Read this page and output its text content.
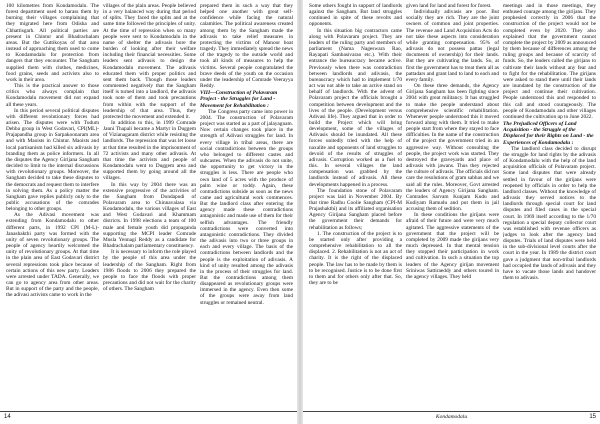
100 kilometres from Kondamodalu. The forest department used to harass them by burning their villages complaining that they migrated here from Odisha and Chhattisgarh. All political parties are present in Chintur and Bhadrachalam areas. But the Guttikoyas of that area instead of approaching them used to come to Kondamodalu for protection from dangers that they encounter. The Sangham supplied them with clothes, medicines, food grains, seeds and activists also to work in their area.

This is the practical answer to those critics who always complain that Kondamodalu movement did not expand all these years.

In this period several political disputes with different revolutionary forces had arisen. The disputes were with Tudum Debba group in West Godavari, CPI(ML)-Prajapandha group in Sarpakoonaram area and with Maoists in Chintur. Maoists and local partisanism had killed six adivasis by branding them as police informers. In all the disputes the Agency Girijana Sangham decided to limit to the internal discussions with revolutionary groups. Moreover, the Sangham decided to take these disputes to the democrats and request them to interfere in solving them. As a policy matter the Sangham gave replies publicly only to the public accusations of the comrades belonging to other groups.

As the Adivasi movement was extending from Kondamodalu to other different parts, in 1992 CPI (M-L)-Janashakthi party was formed with the unity of seven revolutionary groups. The people of agency heartily welcomed the unity of revolutionary groups. At that time in the plain area of East Godavari district several repressions took place because of certain actions of this new party. Leaders were arrested under TADA. Generally, we can go to agency area from other areas. But in support of the party and the people, the adivasi activists came to work in the

villages of the plain areas. People believed in a very balanced way during that period of splits. They faced the splits and at the same time followed the principles of unity. At the time of repression when so many people were sent to Kondamodalu in the name of shelter the adivasis bore the burden of looking after their welfare including their financial necessities. Some leaders sent adivasis to design the Kondamodalu movement. The adivasis educated them with proper politics and sent them back. Though those leaders commented negatively that the Sangham itself is turned into a landlord, the adivasis took note of them and took precautions from within with the support of the leadership of that area. Thus, they protected the movement and extended it.

In addition to this, in 1999 Comrade Janni Thapali became a Martyr in Duggem of Vizianagaram district while resisting the landlords. The repression that was let loose at that time resulted in the imprisonment of 72 activists and many other adivasis. At that time the activists and people of Kondamodalu went to Duggem area and supported them by going around all the villages.

In this way by 2004 there was an extensive progressive of the activities of the Sangham from Dondapudi of Polavaram area to Chinnavalasa via Kondamodalu, the various villages of East and West Godavari and Khammam districts. In 1998 elections a team of 100 male and female youth did propaganda supporting the MCPI leader Comrade Musla Yennagi Reddy as a candidate for Bhadrachalam parliamentary constituency.

It is necessary to inform the role played by the people of this area under the leadership of the Sangham. Right from 1986 floods to 2006 they prepared the people to face the floods with proper precautions and did not wait for the charity of others. The Sangham

prepared them in such a way that they helped one another with great self-confidence while facing the natural calamities. The political awareness created among them by the Sangham made the adivasis to take relief measures in protecting the victims of Manoor boat tragedy. They immediately spread the news of the tragedy to the outside world and took all kinds of measures to help the victims. Several people congratulated the brave deeds of the youth on the occasion under the leadership of Comrade Veerayya Reddy.

VIII—Construction of Polavaram Project - the Struggles for Land - Movement for Rehabilitation :

The Congress party came into power in 2004. The construction of Polavaram project was started as a part of jalayagnam. Now certain changes took place in the strength of Adivasi struggles for land. In every village in tribal areas, there are social contradictions between the groups who belonged to different castes and subcastes. When the adivasis do not unite, the opportunity to get victory in the struggles is less. There are people who own land of 5 acres with the produce of palm wine or toddy. Again, these contradictions subside as soon as the news came and agricultural work commences. But the landlord class after entering the agency made these contradictions antagonistic and made use of them for their selfish advantages. The friendly contradictions were converted into antagonistic contradictions. They divided the adivasis into two or three groups in each and every village. The basis of the contradictions between landlords and the people is the exploitation of adivasis. A kind of unity resulted among the adivasis in the process of their struggles for land. But the contradictions among them disappeared as revolutionary groups were immersed in the agency. Even then some of the groups were away from land struggles or remained neutral.

14

Some others fought in support of landlords against the Sangham. But land struggles continued in spite of these revolts and opponents.

In this situation big contractors came along with Polavaram project. They are leaders of the ruling party and members of parliament (Nama Nageswara Rao, Rayapati Sambasivarao etc.). With their entrance the bureaucracy became active. Previously when there was contradiction between landlords and adivasis, the bureaucracy which had to implement 1/70 act was not able to take an active stand on behalf of landlords. With the advent of Polavaram project the officials brought a competition between development and the lives of the people. (Development versus Adivasi life). They argued that in order to build the Project which will bring development, some of the villages of Adivasis should be inundated. All these forces unitedly tried with the help of naxalite and opponents of land struggles to devoid of the results of struggles of adivasis. Corruption worked as a fuel to this. In several villages the land compensation was grabbed by the landlords instead of adivasis. All these developments happened in a process.

The foundation stone of Polavaram project was laid in November 2004. By that time Radhu Coolie Sangham (CPI-M Prajashakthi) and its affiliated organisation Agency Girijana Sangham placed before the government their demands for rehabilitation as follows;

1. The construction of the project is to be started only after providing a comprehensive rehabilitation to all the displaced. 2. Rehabilitation is not an act of charity. It is the right of the displaced people. The law has to be made by them is to be recognised. Justice is to be done first to them and for others only after that. So, they are to be

given land for land and forest for forest.

Individually adivasis are poor. But socially they are rich. They are the joint owners of common and joint properties. The revenue and Land Acquisition Acts do not take these aspects into consideration while granting compensation. 95% of adivasis do not possess pattas (legal documents of ownership) for their lands. But they are cultivating the lands. So, at first the government has to treat them all as pattadars and grant land to land to each and every family.

On these three demands, the Agency Girijana Sangham has been fighting since 2004 with great militancy. It has struggled to make the people understand about comprehensive scientific rehabilitation. Whenever people understood this it moved forward along with them. It tried to make people start from where they stayed to face difficulties. In the name of the construction of the project the government tried in an aggressive way. Without consulting the people, the project work was started. They destroyed the graveyards and place of adivasis with jawans. Thus they rejected the culture of adivasis. The officials did not care the resolutions of gram sabhas and we said all the rules. Moreover, Govt arrested the leaders of Agency Girijana Sangham. Comrades Sarvam Kunjam Kudu and Kudiyam Ramudu and put them in jail accusing them of sedition.

In these conditions the girijans were afraid of their future and were very much agitated. The aggressive statements of the government that the project will be completed by 2009 made the girijans very much depressed. In that mental tension they stopped their participation in work and cultivation. In such a situation the top leaders of the Agency girijan movement Sriniwas Sattiraeddy and others toured in the agency villages. They held

meetings and in those meetings, they enthused courage among the girijans. They prophesied correctly in 2006 that the construction of the project would not be completed even by 2020. They also explained that the government cannot complete the project by 2009 as announced by them because of differences among the ruling groups and because of scarcity of funds. So, the leaders called the girijans to cultivate their lands without any fear and to fight for the rehabilitation. The girijans were asked to stand there until their lands are inundated by the construction of the project and continue their cultivation. People understood this and responded to this call and stood courageously. The people of Kondamodalu and other villages continued the cultivation up to June 2022.

The Prejudiced Officers of Land Acquisition - the Struggle of the Displaced for their Rights on Land - the Experiences of Kondamodalu :

The landlord class decided to disrupt the struggle for land rights by the adivasis of Kondamodalu with the help of the land acquisition officials of Polavaram project. Some land disputes that were already settled in favour of the girijans were reopened by officials in order to help the landlord classes. Without the knowledge of adivasis they served notices to the landlords through special court for land disputes and filed cases in the special court. In 1969 itself according to the 1/70 regulation a special deputy collector court was established with revenue officers as judges to look after the agency land disputes. Trials of land disputes were held in the sub-divisional level courts after the court in the year. In 1989 the district court gave a judgment that non-tribal landlords had occupied the lands of adivasis and they have to vacate those lands and handover them to adivasis.

Kondamodalu	15
